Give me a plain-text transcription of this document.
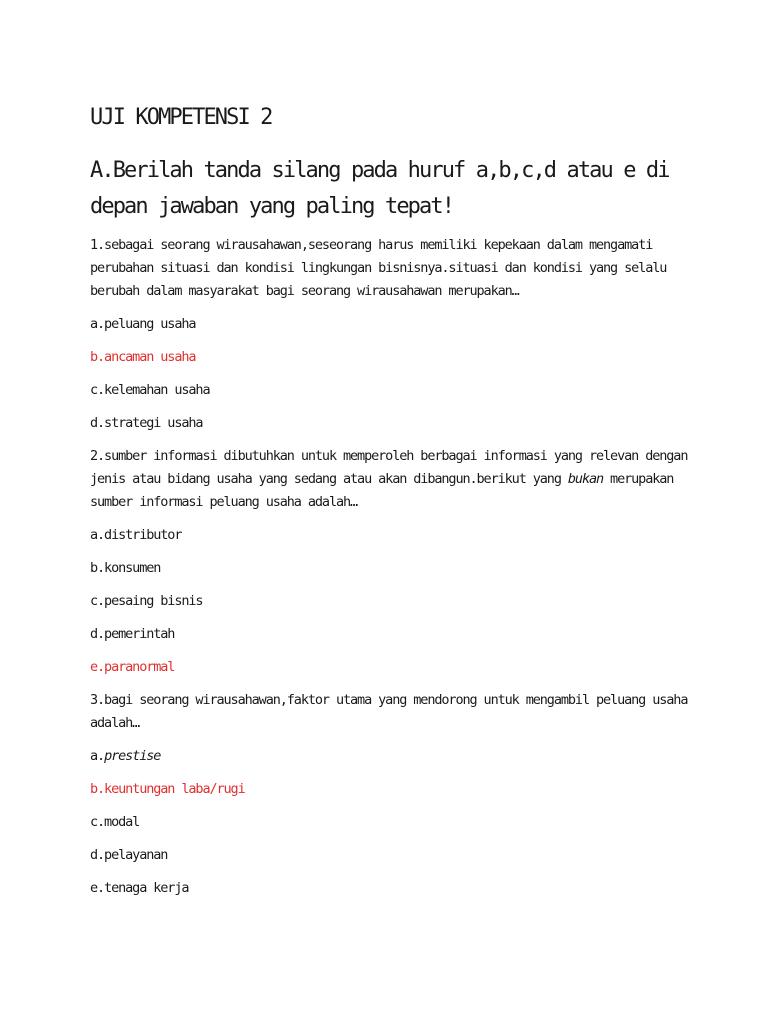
UJI KOMPETENSI 2
A.Berilah tanda silang pada huruf a,b,c,d atau e di
depan jawaban yang paling tepat!
1.sebagai seorang wirausahawan,seseorang harus memiliki kepekaan dalam mengamati
perubahan situasi dan kondisi lingkungan bisnisnya.situasi dan kondisi yang selalu
berubah dalam masyarakat bagi seorang wirausahawan merupakan…
a.peluang usaha
b.ancaman usaha
c.kelemahan usaha
d.strategi usaha
2.sumber informasi dibutuhkan untuk memperoleh berbagai informasi yang relevan dengan
jenis atau bidang usaha yang sedang atau akan dibangun.berikut yang bukan merupakan
sumber informasi peluang usaha adalah…
a.distributor
b.konsumen
c.pesaing bisnis
d.pemerintah
e.paranormal
3.bagi seorang wirausahawan,faktor utama yang mendorong untuk mengambil peluang usaha
adalah…
a.prestise
b.keuntungan laba/rugi
c.modal
d.pelayanan
e.tenaga kerja
